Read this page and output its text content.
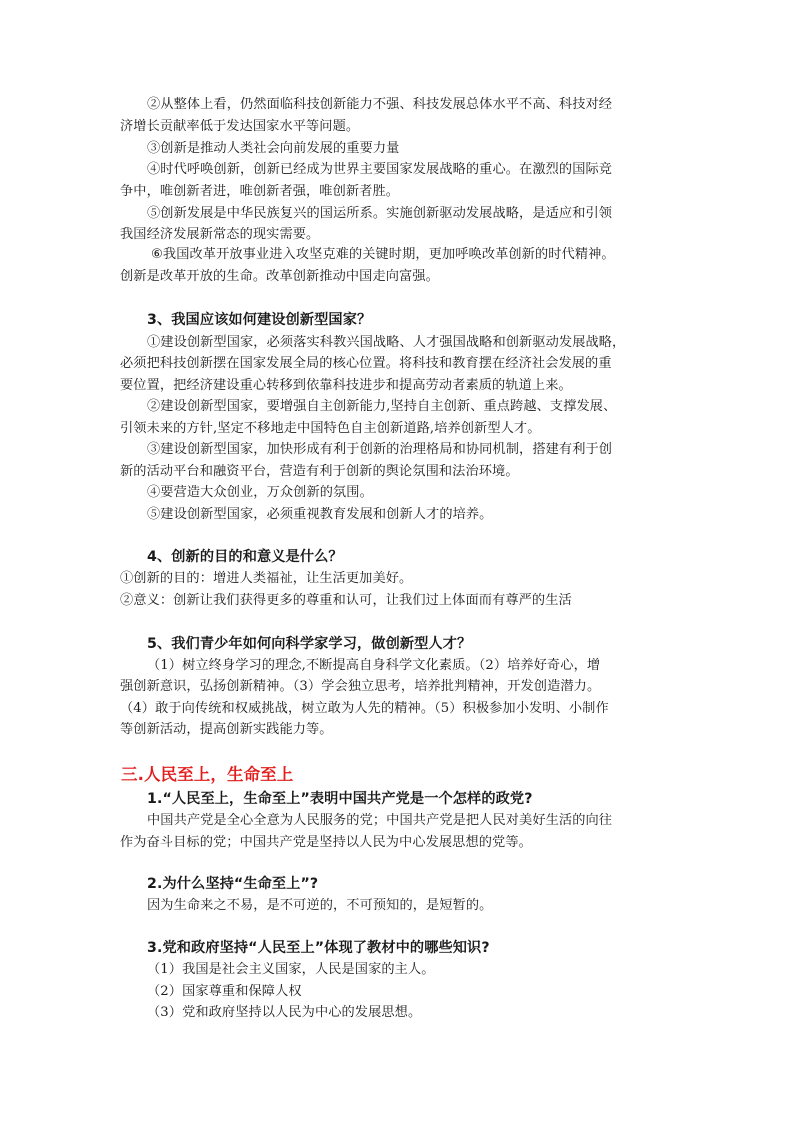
②从整体上看，仍然面临科技创新能力不强、科技发展总体水平不高、科技对经
济增长贡献率低于发达国家水平等问题。
③创新是推动人类社会向前发展的重要力量
④时代呼唤创新，创新已经成为世界主要国家发展战略的重心。在激烈的国际竞
争中，唯创新者进，唯创新者强，唯创新者胜。
⑤创新发展是中华民族复兴的国运所系。实施创新驱动发展战略，是适应和引领
我国经济发展新常态的现实需要。
⑥我国改革开放事业进入攻坚克难的关键时期，更加呼唤改革创新的时代精神。
创新是改革开放的生命。改革创新推动中国走向富强。
3、我国应该如何建设创新型国家？
①建设创新型国家，必须落实科教兴国战略、人才强国战略和创新驱动发展战略，
必须把科技创新摆在国家发展全局的核心位置。将科技和教育摆在经济社会发展的重
要位置，把经济建设重心转移到依靠科技进步和提高劳动者素质的轨道上来。
②建设创新型国家，要增强自主创新能力,坚持自主创新、重点跨越、支撑发展、
引领未来的方针,坚定不移地走中国特色自主创新道路,培养创新型人才。
③建设创新型国家，加快形成有利于创新的治理格局和协同机制，搭建有利于创
新的活动平台和融资平台，营造有利于创新的舆论氛围和法治环境。
④要营造大众创业，万众创新的氛围。
⑤建设创新型国家，必须重视教育发展和创新人才的培养。
4、创新的目的和意义是什么？
①创新的目的：增进人类福祉，让生活更加美好。
②意义：创新让我们获得更多的尊重和认可，让我们过上体面而有尊严的生活
5、我们青少年如何向科学家学习，做创新型人才？
（1）树立终身学习的理念,不断提高自身科学文化素质。（2）培养好奇心，增
强创新意识，弘扬创新精神。（3）学会独立思考，培养批判精神，开发创造潜力。
（4）敢于向传统和权威挑战，树立敢为人先的精神。（5）积极参加小发明、小制作
等创新活动，提高创新实践能力等。
三.人民至上，生命至上
1.“人民至上，生命至上”表明中国共产党是一个怎样的政党?
中国共产党是全心全意为人民服务的党；中国共产党是把人民对美好生活的向往
作为奋斗目标的党；中国共产党是坚持以人民为中心发展思想的党等。
2.为什么坚持“生命至上”?
因为生命来之不易，是不可逆的，不可预知的，是短暂的。
3.党和政府坚持“人民至上”体现了教材中的哪些知识?
（1）我国是社会主义国家，人民是国家的主人。
（2）国家尊重和保障人权
（3）党和政府坚持以人民为中心的发展思想。
